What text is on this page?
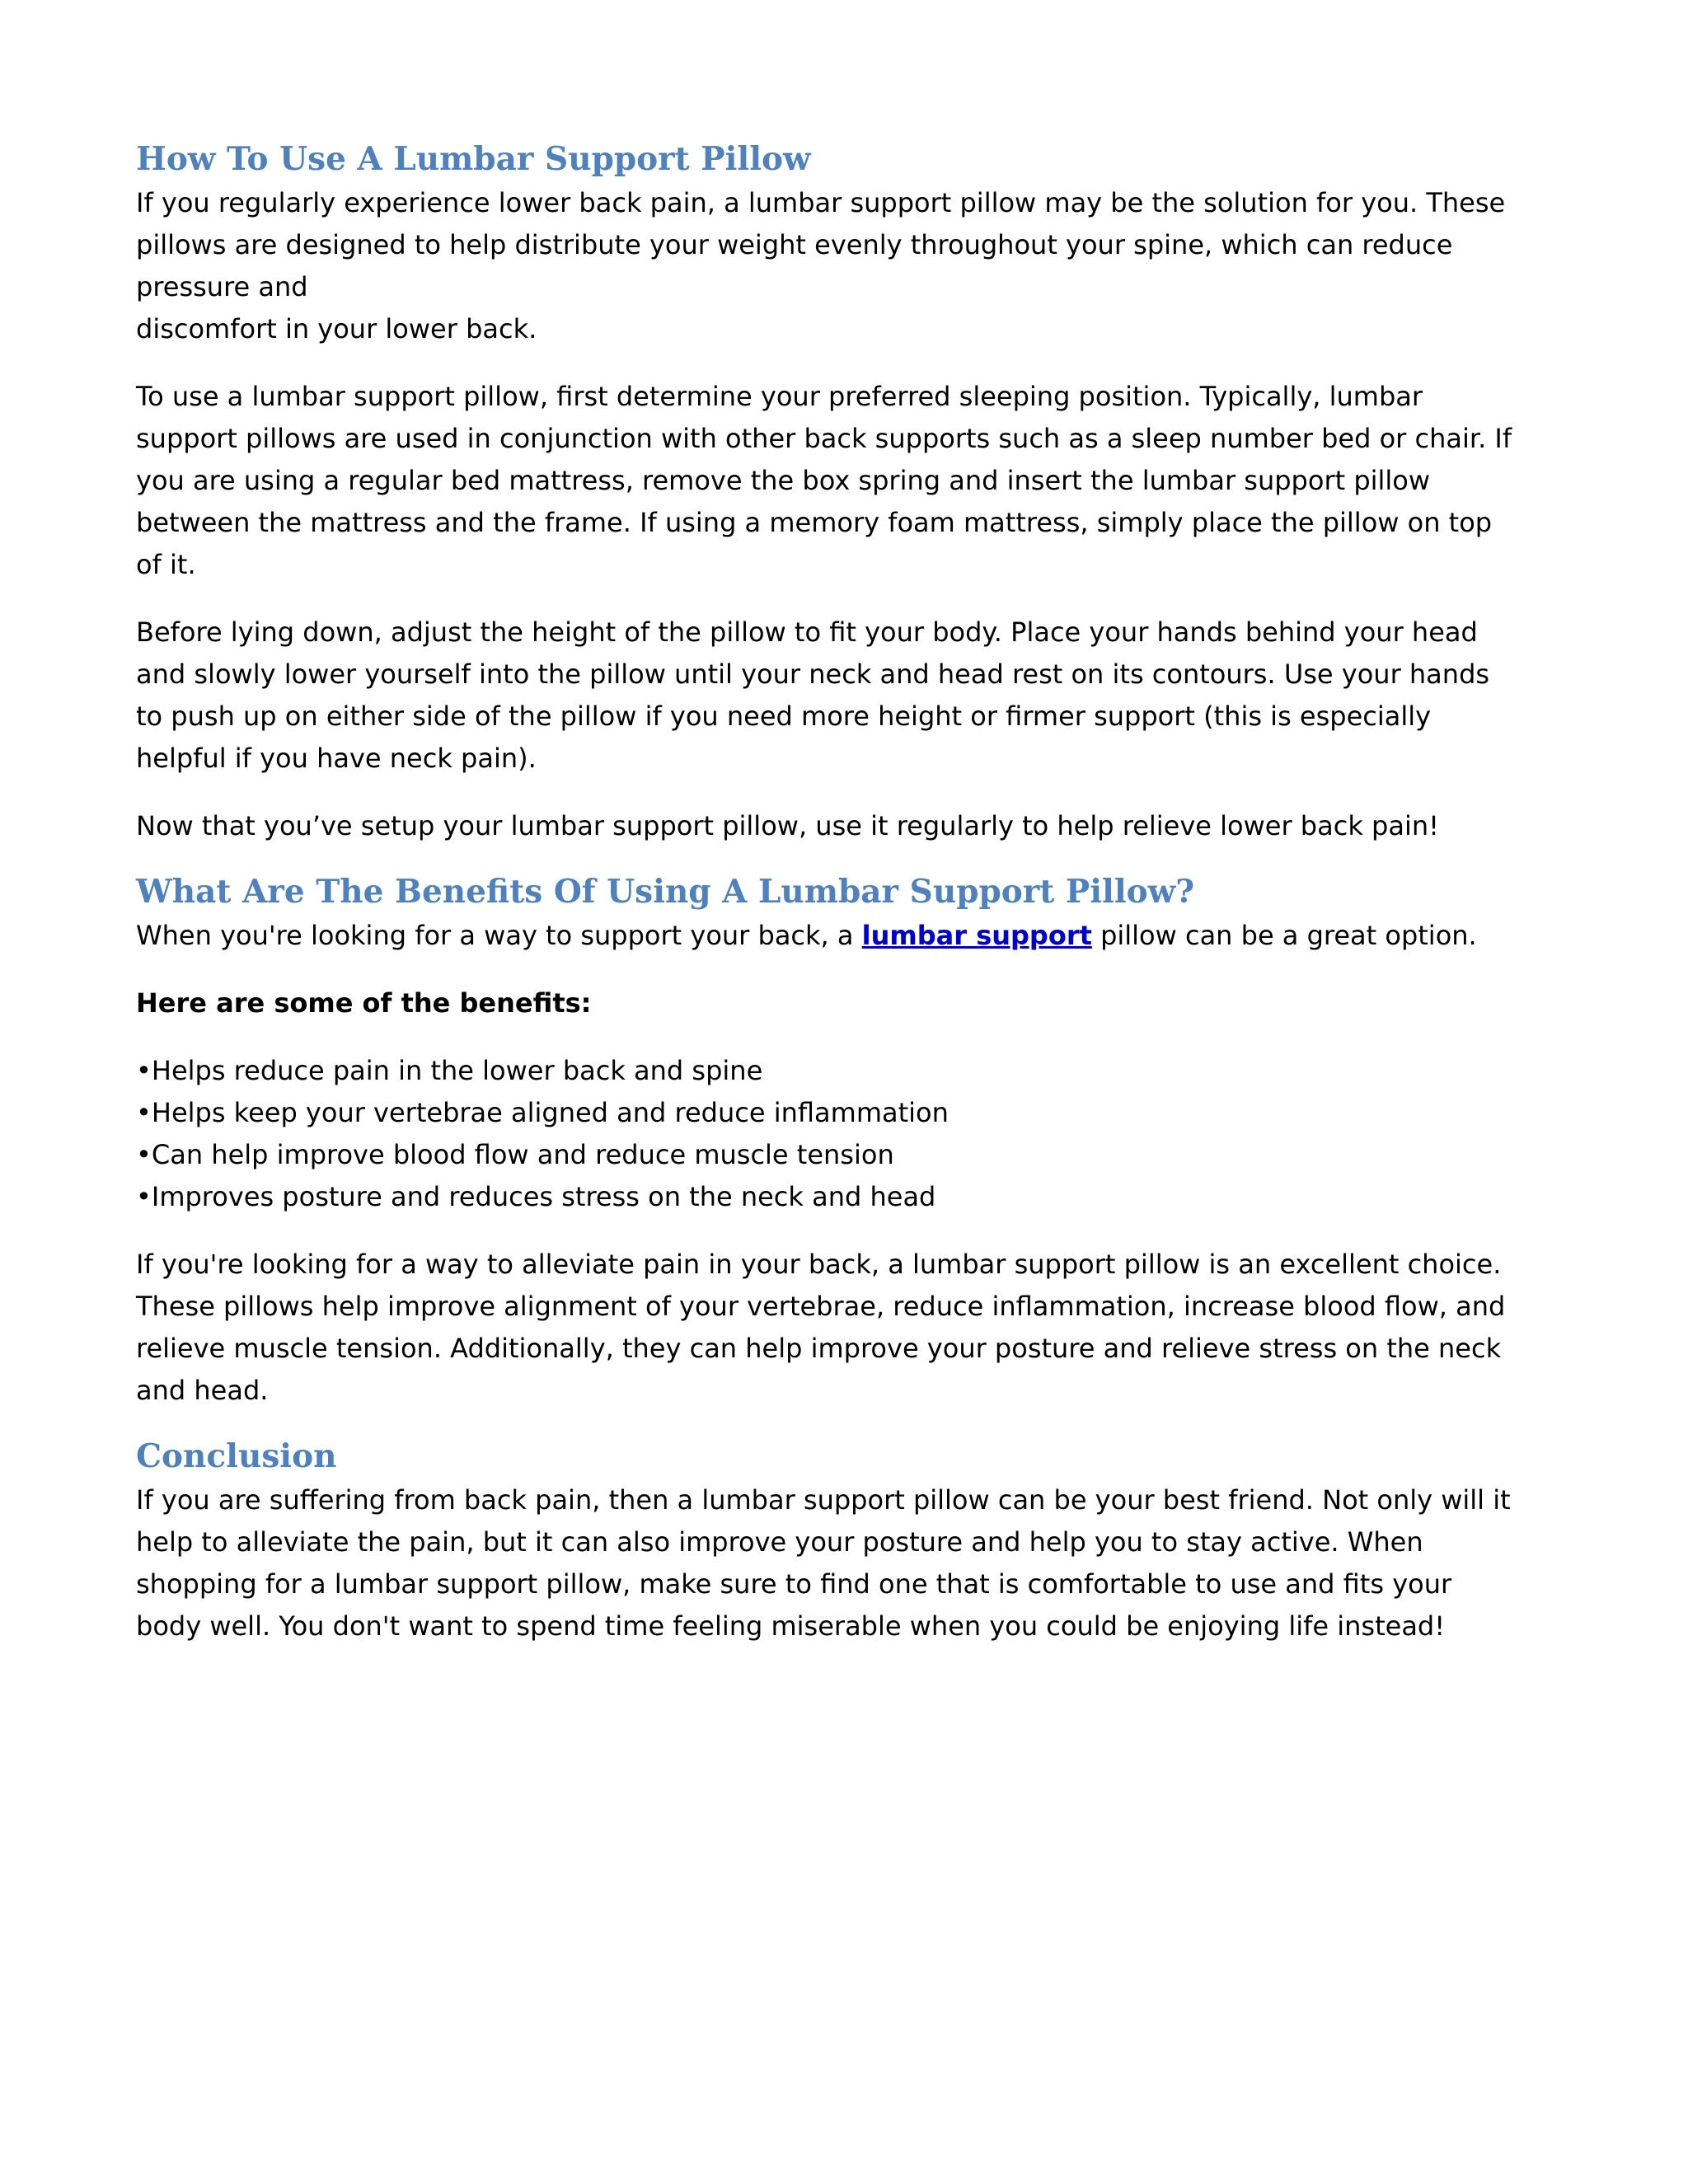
How To Use A Lumbar Support Pillow

If you regularly experience lower back pain, a lumbar support pillow may be the solution for you. These pillows are designed to help distribute your weight evenly throughout your spine, which can reduce pressure and
discomfort in your lower back.

To use a lumbar support pillow, first determine your preferred sleeping position. Typically, lumbar support pillows are used in conjunction with other back supports such as a sleep number bed or chair. If you are using a regular bed mattress, remove the box spring and insert the lumbar support pillow between the mattress and the frame. If using a memory foam mattress, simply place the pillow on top of it.

Before lying down, adjust the height of the pillow to fit your body. Place your hands behind your head and slowly lower yourself into the pillow until your neck and head rest on its contours. Use your hands to push up on either side of the pillow if you need more height or firmer support (this is especially helpful if you have neck pain).

Now that you’ve setup your lumbar support pillow, use it regularly to help relieve lower back pain!

What Are The Benefits Of Using A Lumbar Support Pillow?

When you're looking for a way to support your back, a lumbar support pillow can be a great option.

Here are some of the benefits:

•Helps reduce pain in the lower back and spine
•Helps keep your vertebrae aligned and reduce inflammation
•Can help improve blood flow and reduce muscle tension
•Improves posture and reduces stress on the neck and head

If you're looking for a way to alleviate pain in your back, a lumbar support pillow is an excellent choice. These pillows help improve alignment of your vertebrae, reduce inflammation, increase blood flow, and relieve muscle tension. Additionally, they can help improve your posture and relieve stress on the neck and head.

Conclusion

If you are suffering from back pain, then a lumbar support pillow can be your best friend. Not only will it help to alleviate the pain, but it can also improve your posture and help you to stay active. When shopping for a lumbar support pillow, make sure to find one that is comfortable to use and fits your body well. You don't want to spend time feeling miserable when you could be enjoying life instead!
